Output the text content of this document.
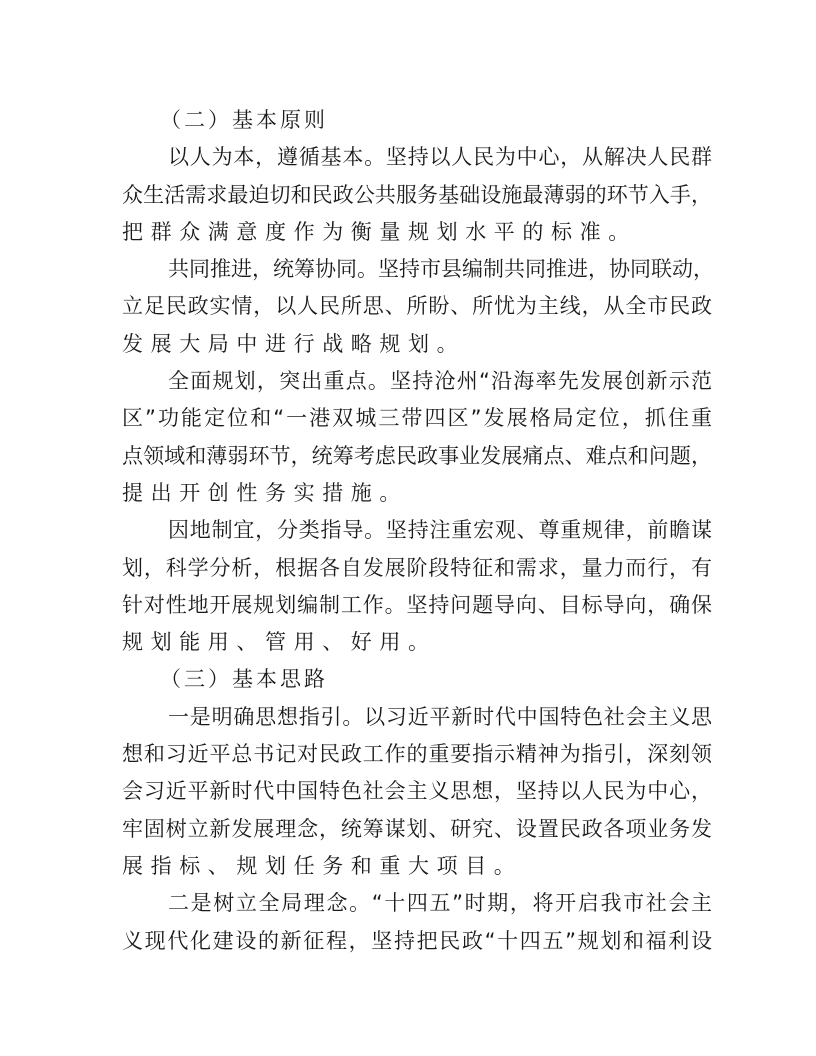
（二）基本原则
以人为本，遵循基本。坚持以人民为中心，从解决人民群
众生活需求最迫切和民政公共服务基础设施最薄弱的环节入手，
把群众满意度作为衡量规划水平的标准。
共同推进，统筹协同。坚持市县编制共同推进，协同联动，
立足民政实情，以人民所思、所盼、所忧为主线，从全市民政
发展大局中进行战略规划。
全面规划，突出重点。坚持沧州“沿海率先发展创新示范
区”功能定位和“一港双城三带四区”发展格局定位，抓住重
点领域和薄弱环节，统筹考虑民政事业发展痛点、难点和问题，
提出开创性务实措施。
因地制宜，分类指导。坚持注重宏观、尊重规律，前瞻谋
划，科学分析，根据各自发展阶段特征和需求，量力而行，有
针对性地开展规划编制工作。坚持问题导向、目标导向，确保
规划能用、管用、好用。
（三）基本思路
一是明确思想指引。以习近平新时代中国特色社会主义思
想和习近平总书记对民政工作的重要指示精神为指引，深刻领
会习近平新时代中国特色社会主义思想，坚持以人民为中心，
牢固树立新发展理念，统筹谋划、研究、设置民政各项业务发
展指标、规划任务和重大项目。
二是树立全局理念。“十四五”时期，将开启我市社会主
义现代化建设的新征程，坚持把民政“十四五”规划和福利设
